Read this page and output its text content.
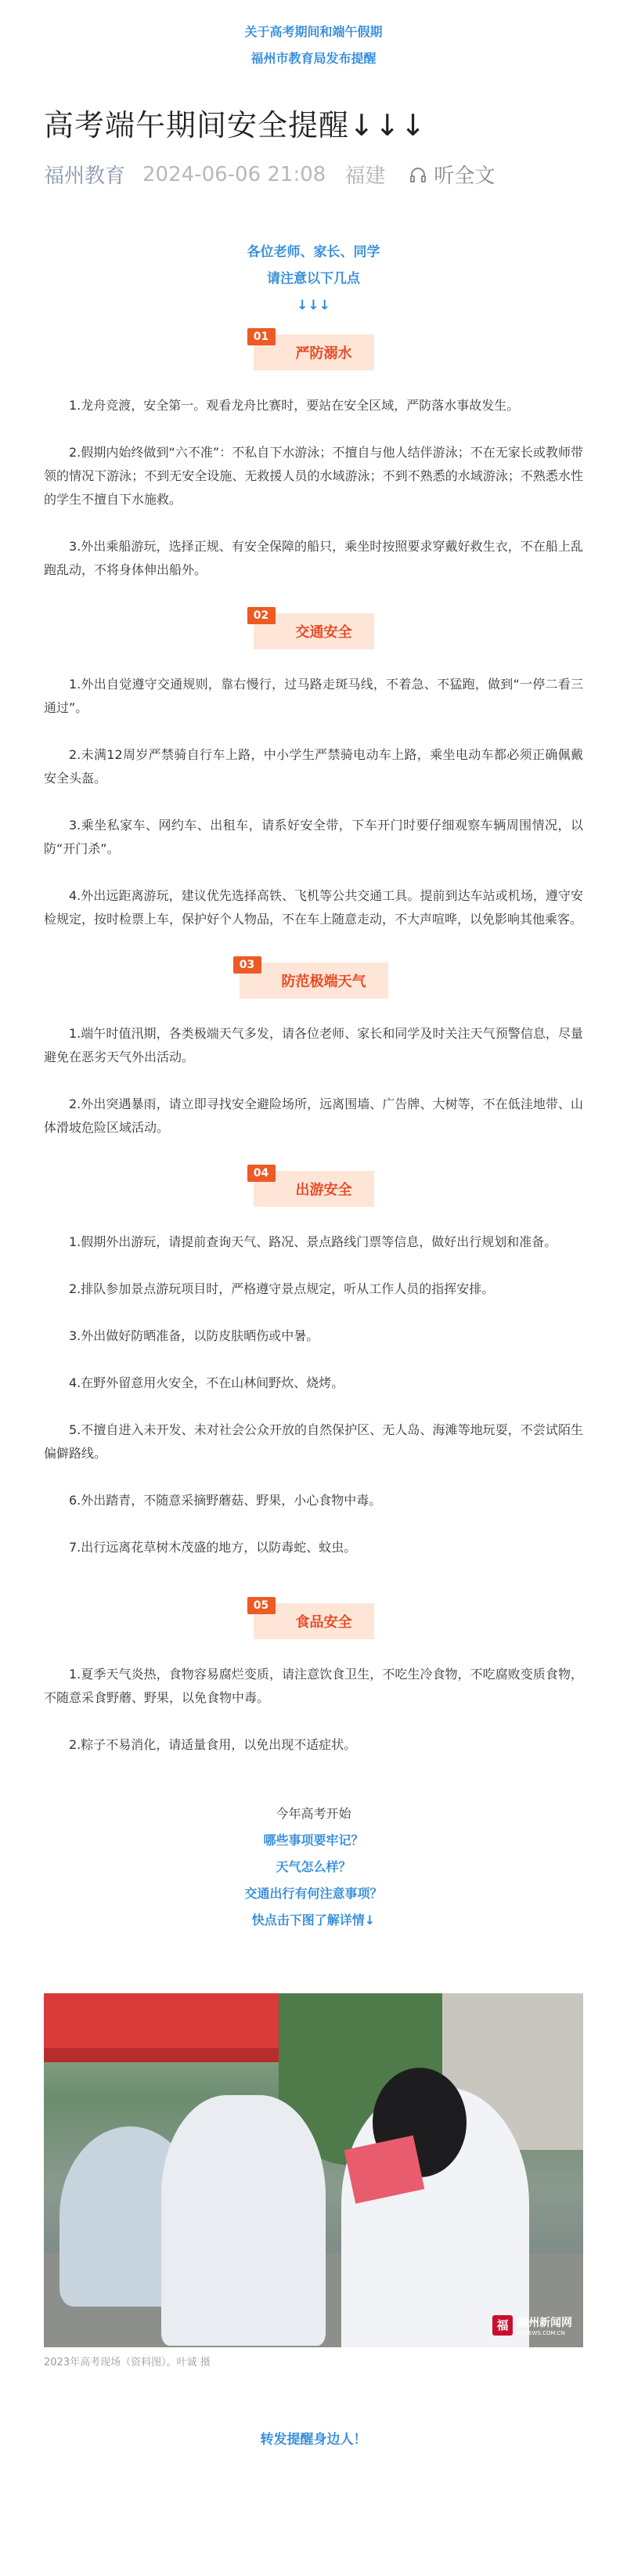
关于高考期间和端午假期
福州市教育局发布提醒
高考端午期间安全提醒↓↓↓
福州教育 2024-06-06 21:08 福建 听全文
各位老师、家长、同学
请注意以下几点
↓↓↓
01
严防溺水

1.龙舟竞渡，安全第一。观看龙舟比赛时，要站在安全区域，严防落水事故发生。

2.假期内始终做到“六不准”：不私自下水游泳；不擅自与他人结伴游泳；不在无家长或教师带领的情况下游泳；不到无安全设施、无救援人员的水域游泳；不到不熟悉的水域游泳；不熟悉水性的学生不擅自下水施救。

3.外出乘船游玩，选择正规、有安全保障的船只，乘坐时按照要求穿戴好救生衣，不在船上乱跑乱动，不将身体伸出船外。

02
交通安全

1.外出自觉遵守交通规则，靠右慢行，过马路走斑马线，不着急、不猛跑，做到“一停二看三通过”。

2.未满12周岁严禁骑自行车上路，中小学生严禁骑电动车上路，乘坐电动车都必须正确佩戴安全头盔。

3.乘坐私家车、网约车、出租车，请系好安全带，下车开门时要仔细观察车辆周围情况，以防“开门杀”。

4.外出远距离游玩，建议优先选择高铁、飞机等公共交通工具。提前到达车站或机场，遵守安检规定，按时检票上车，保护好个人物品，不在车上随意走动，不大声喧哗，以免影响其他乘客。

03
防范极端天气

1.端午时值汛期，各类极端天气多发，请各位老师、家长和同学及时关注天气预警信息，尽量避免在恶劣天气外出活动。

2.外出突遇暴雨，请立即寻找安全避险场所，远离围墙、广告牌、大树等，不在低洼地带、山体滑坡危险区域活动。

04
出游安全

1.假期外出游玩，请提前查询天气、路况、景点路线门票等信息，做好出行规划和准备。

2.排队参加景点游玩项目时，严格遵守景点规定，听从工作人员的指挥安排。

3.外出做好防晒准备，以防皮肤晒伤或中暑。

4.在野外留意用火安全，不在山林间野炊、烧烤。

5.不擅自进入未开发、未对社会公众开放的自然保护区、无人岛、海滩等地玩耍，不尝试陌生偏僻路线。

6.外出踏青，不随意采摘野蘑菇、野果，小心食物中毒。

7.出行远离花草树木茂盛的地方，以防毒蛇、蚊虫。

05
食品安全

1.夏季天气炎热，食物容易腐烂变质，请注意饮食卫生，不吃生冷食物，不吃腐败变质食物，不随意采食野蘑、野果，以免食物中毒。

2.粽子不易消化，请适量食用，以免出现不适症状。

今年高考开始
哪些事项要牢记？
天气怎么样？
交通出行有何注意事项？
快点击下图了解详情↓
福 福州新闻网
FZNEWS.COM.CN
2023年高考现场（资料图）。叶诚 摄
转发提醒身边人！
